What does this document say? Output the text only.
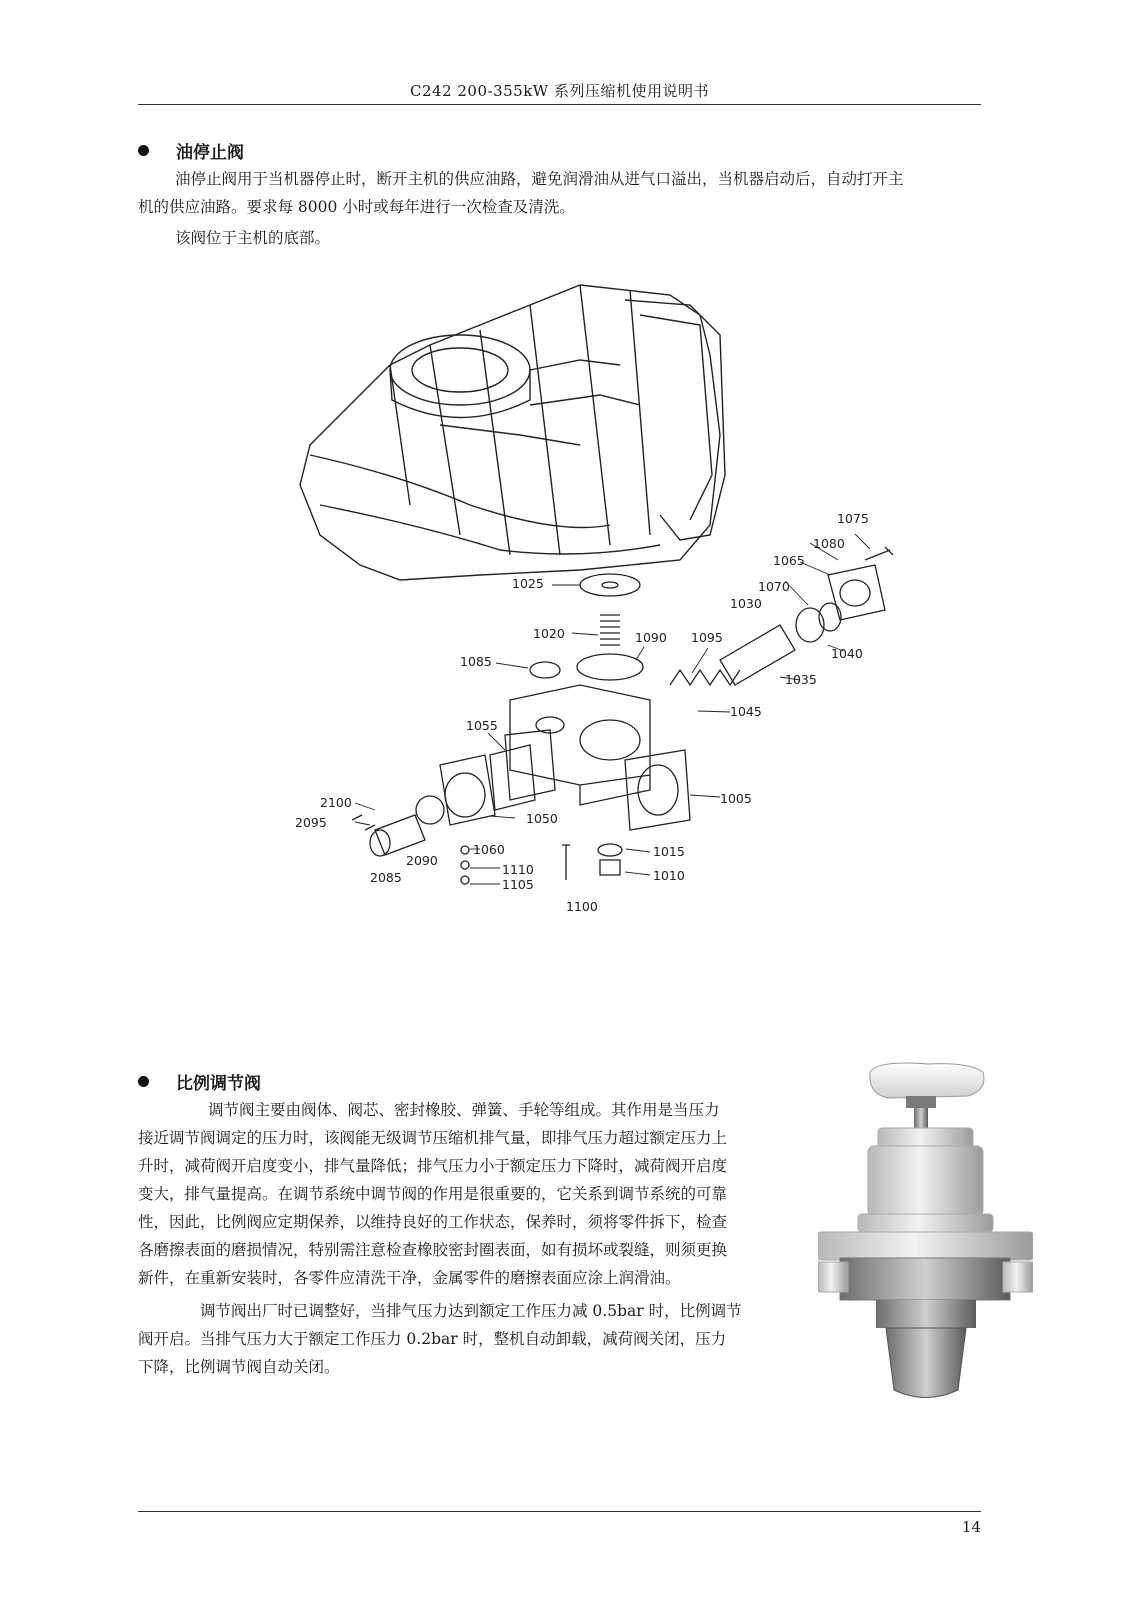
C242 200-355kW 系列压缩机使用说明书
油停止阀

油停止阀用于当机器停止时，断开主机的供应油路，避免润滑油从进气口溢出，当机器启动后，自动打开主
机的供应油路。要求每 8000 小时或每年进行一次检查及清洗。

该阀位于主机的底部。

1075
1080
1065
1070
1030
1025
1020	1090 1095
1040
1085
1035
1045
1055
1005
2100
2095	1050
1015
1060
2090
1110	1010
2085	1105
1100
比例调节阀

调节阀主要由阀体、阀芯、密封橡胶、弹簧、手轮等组成。其作用是当压力
接近调节阀调定的压力时，该阀能无级调节压缩机排气量，即排气压力超过额定压力上
升时，减荷阀开启度变小，排气量降低；排气压力小于额定压力下降时，减荷阀开启度
变大，排气量提高。在调节系统中调节阀的作用是很重要的，它关系到调节系统的可靠
性，因此，比例阀应定期保养，以维持良好的工作状态，保养时，须将零件拆下，检查
各磨擦表面的磨损情况，特别需注意检查橡胶密封圈表面，如有损坏或裂缝，则须更换
新件，在重新安装时，各零件应清洗干净，金属零件的磨擦表面应涂上润滑油。

调节阀出厂时已调整好，当排气压力达到额定工作压力减 0.5bar 时，比例调节
阀开启。当排气压力大于额定工作压力 0.2bar 时，整机自动卸载，减荷阀关闭，压力
下降，比例调节阀自动关闭。

14
